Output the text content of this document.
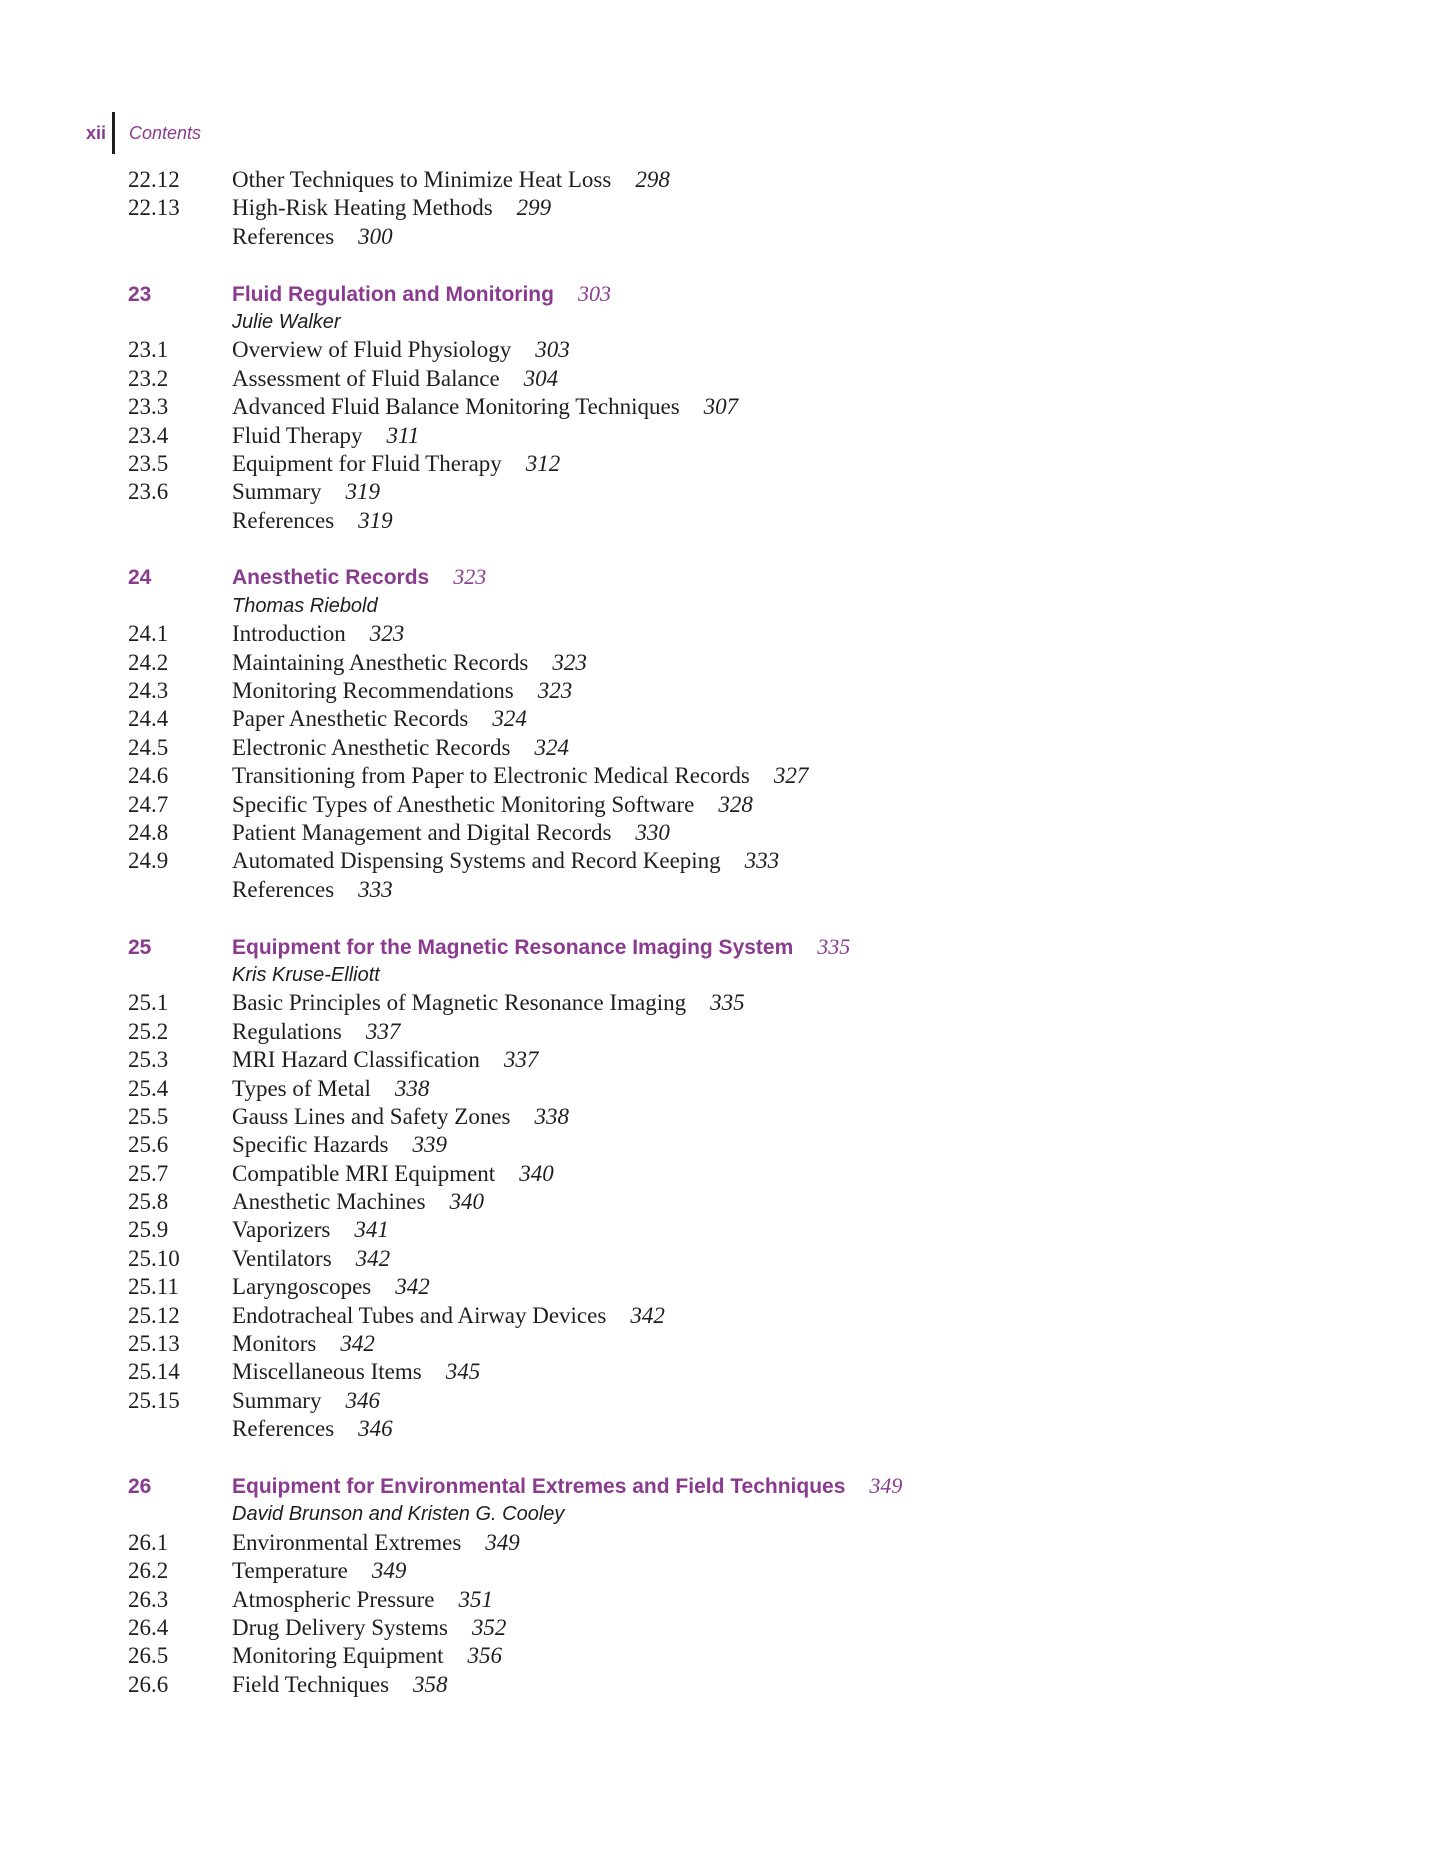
xii	Contents
22.12	Other Techniques to Minimize Heat Loss 298
22.13	High-Risk Heating Methods 299
References 300
23	Fluid Regulation and Monitoring 303
Julie Walker
23.1	Overview of Fluid Physiology 303
23.2	Assessment of Fluid Balance 304
23.3	Advanced Fluid Balance Monitoring Techniques 307
23.4	Fluid Therapy 311
23.5	Equipment for Fluid Therapy 312
23.6	Summary 319
References 319
24	Anesthetic Records 323
Thomas Riebold
24.1	Introduction 323
24.2	Maintaining Anesthetic Records 323
24.3	Monitoring Recommendations 323
24.4	Paper Anesthetic Records 324
24.5	Electronic Anesthetic Records 324
24.6	Transitioning from Paper to Electronic Medical Records 327
24.7	Specific Types of Anesthetic Monitoring Software 328
24.8	Patient Management and Digital Records 330
24.9	Automated Dispensing Systems and Record Keeping 333
References 333
25	Equipment for the Magnetic Resonance Imaging System 335
Kris Kruse-Elliott
25.1	Basic Principles of Magnetic Resonance Imaging 335
25.2	Regulations 337
25.3	MRI Hazard Classification 337
25.4	Types of Metal 338
25.5	Gauss Lines and Safety Zones 338
25.6	Specific Hazards 339
25.7	Compatible MRI Equipment 340
25.8	Anesthetic Machines 340
25.9	Vaporizers 341
25.10	Ventilators 342
25.11	Laryngoscopes 342
25.12	Endotracheal Tubes and Airway Devices 342
25.13	Monitors 342
25.14	Miscellaneous Items 345
25.15	Summary 346
References 346
26	Equipment for Environmental Extremes and Field Techniques 349
David Brunson and Kristen G. Cooley
26.1	Environmental Extremes 349
26.2	Temperature 349
26.3	Atmospheric Pressure 351
26.4	Drug Delivery Systems 352
26.5	Monitoring Equipment 356
26.6	Field Techniques 358
